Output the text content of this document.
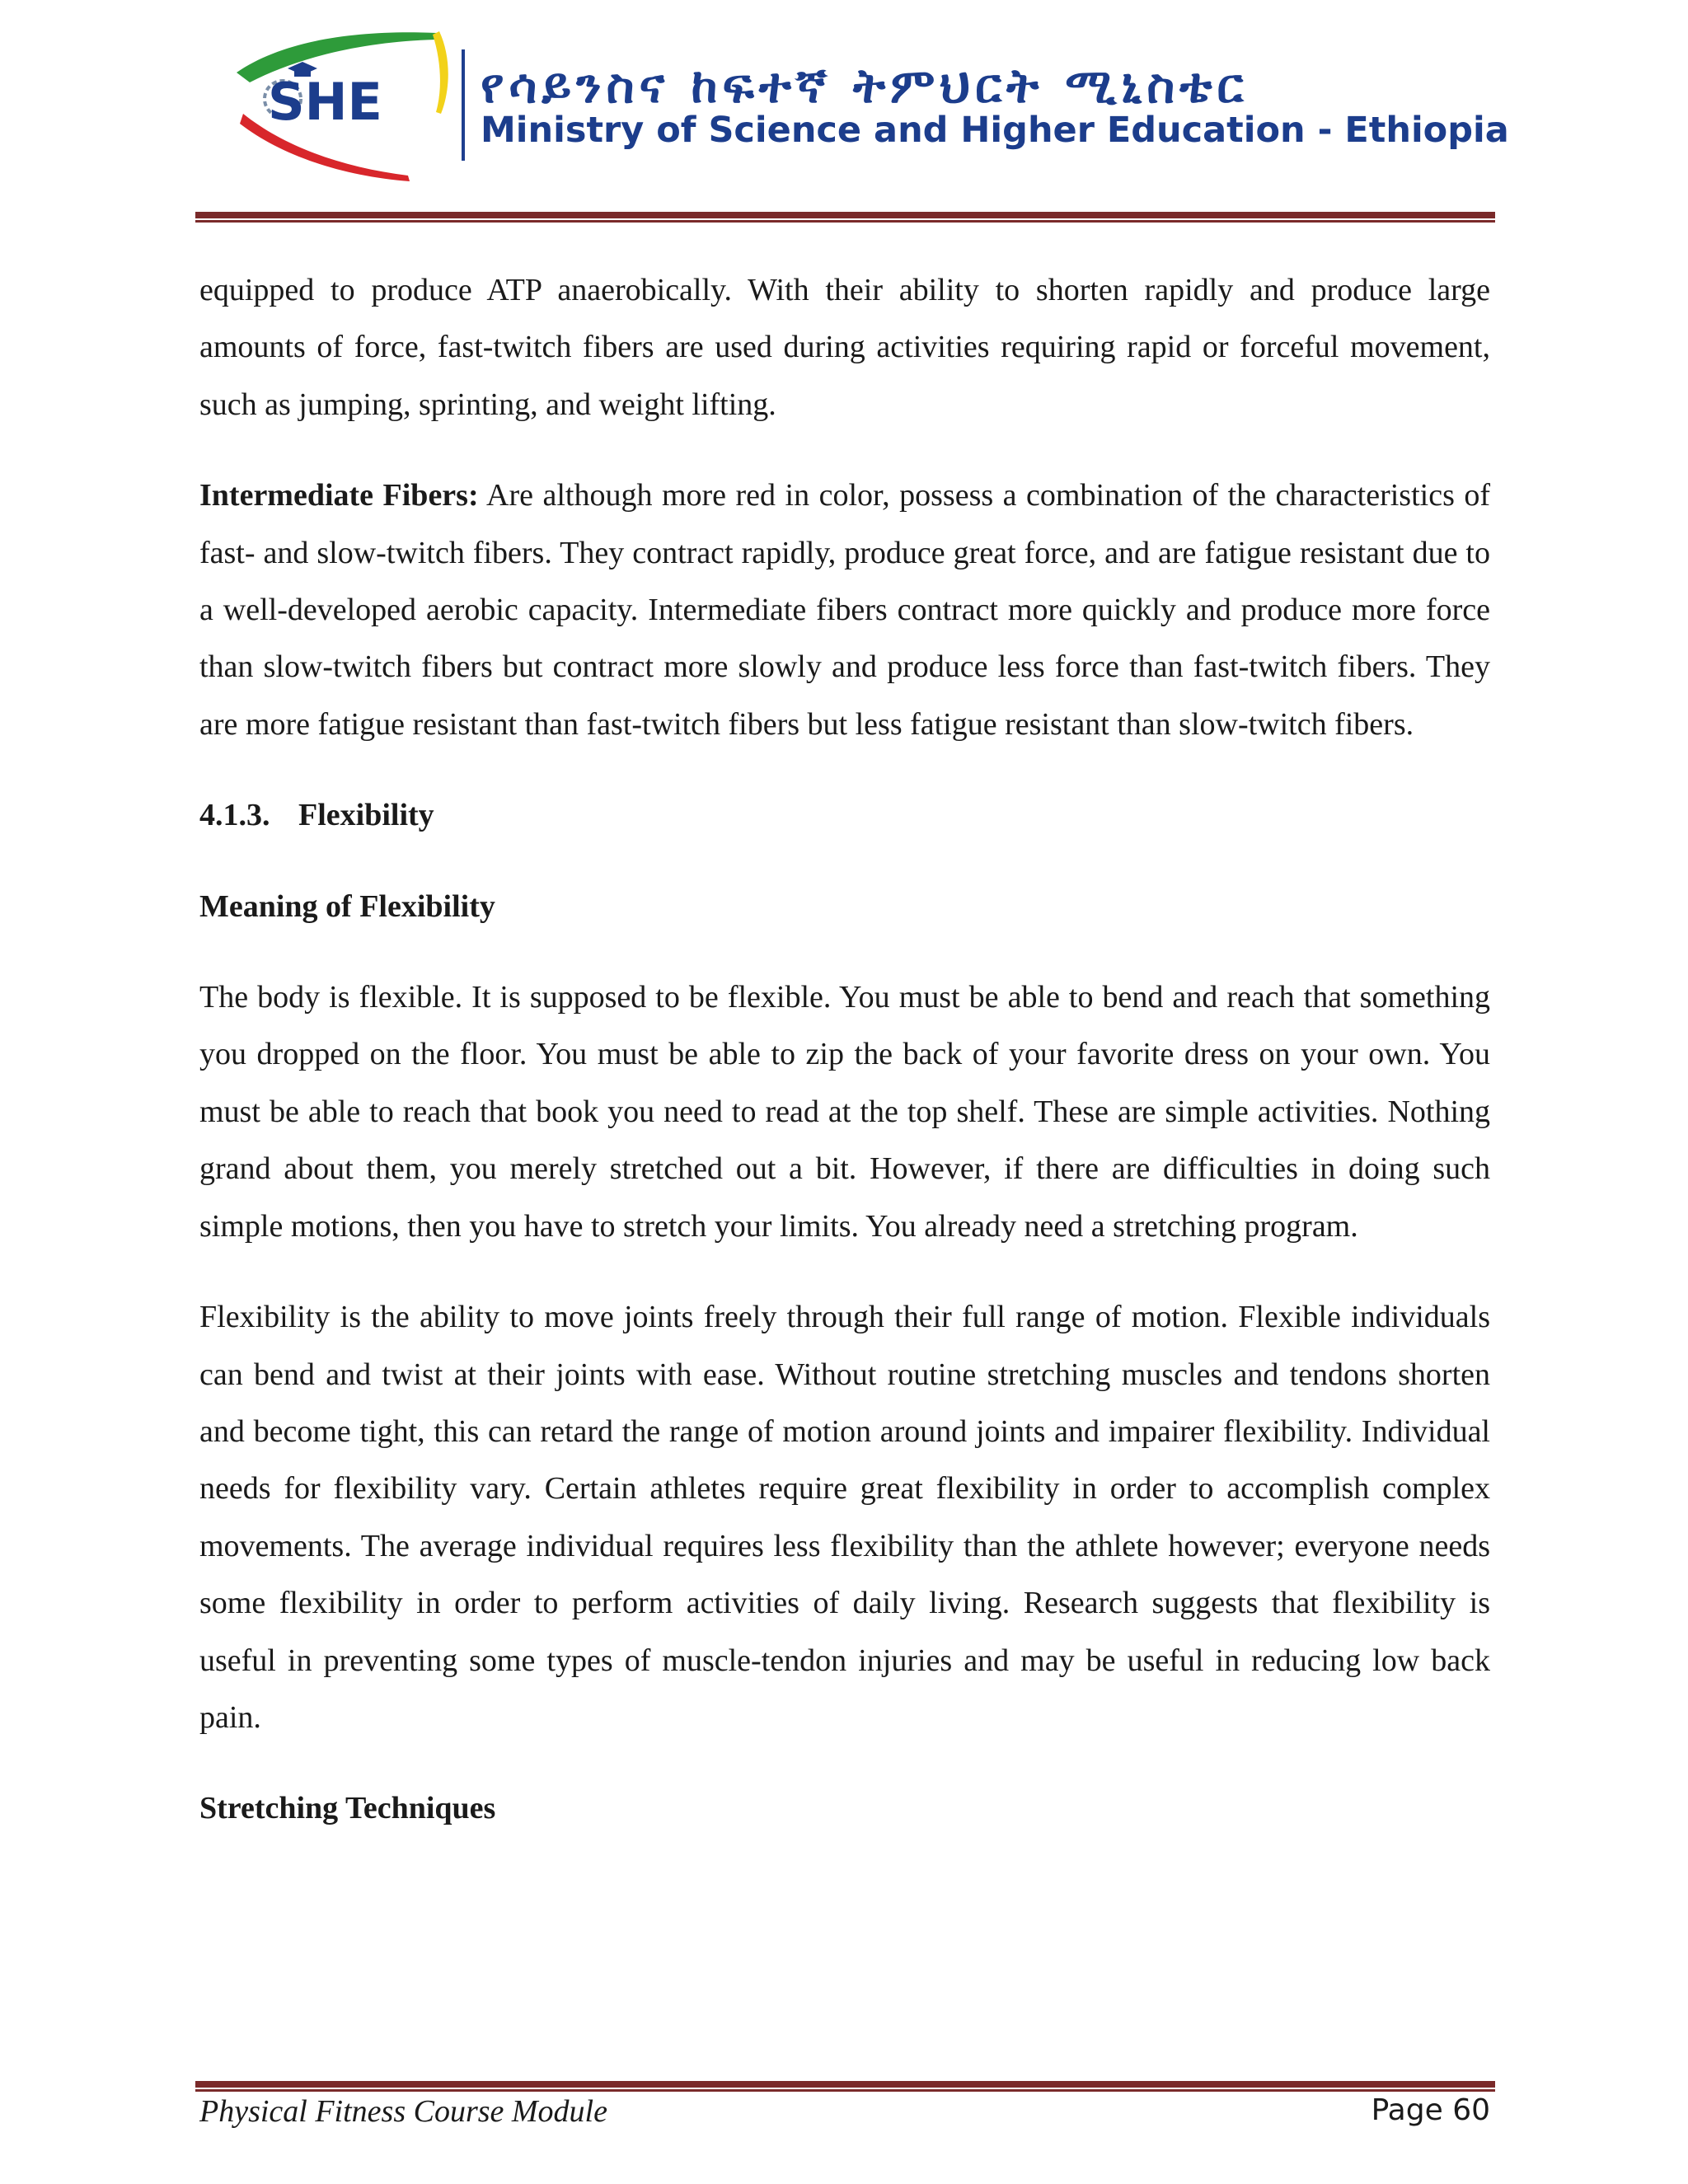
SHE የሳይንስና ከፍተኛ ትምህርት ሚኒስቴር
Ministry of Science and Higher Education - Ethiopia

equipped to produce ATP anaerobically. With their ability to shorten rapidly and produce large amounts of force, fast-twitch fibers are used during activities requiring rapid or forceful movement, such as jumping, sprinting, and weight lifting.

Intermediate Fibers: Are although more red in color, possess a combination of the characteristics of fast- and slow-twitch fibers. They contract rapidly, produce great force, and are fatigue resistant due to a well-developed aerobic capacity. Intermediate fibers contract more quickly and produce more force than slow-twitch fibers but contract more slowly and produce less force than fast-twitch fibers. They are more fatigue resistant than fast-twitch fibers but less fatigue resistant than slow-twitch fibers.

4.1.3. Flexibility
Meaning of Flexibility

The body is flexible. It is supposed to be flexible. You must be able to bend and reach that something you dropped on the floor. You must be able to zip the back of your favorite dress on your own. You must be able to reach that book you need to read at the top shelf. These are simple activities. Nothing grand about them, you merely stretched out a bit. However, if there are difficulties in doing such simple motions, then you have to stretch your limits. You already need a stretching program.

Flexibility is the ability to move joints freely through their full range of motion. Flexible individuals can bend and twist at their joints with ease. Without routine stretching muscles and tendons shorten and become tight, this can retard the range of motion around joints and impairer flexibility. Individual needs for flexibility vary. Certain athletes require great flexibility in order to accomplish complex movements. The average individual requires less flexibility than the athlete however; everyone needs some flexibility in order to perform activities of daily living. Research suggests that flexibility is useful in preventing some types of muscle-tendon injuries and may be useful in reducing low back pain.

Stretching Techniques
Physical Fitness Course Module	Page 60
